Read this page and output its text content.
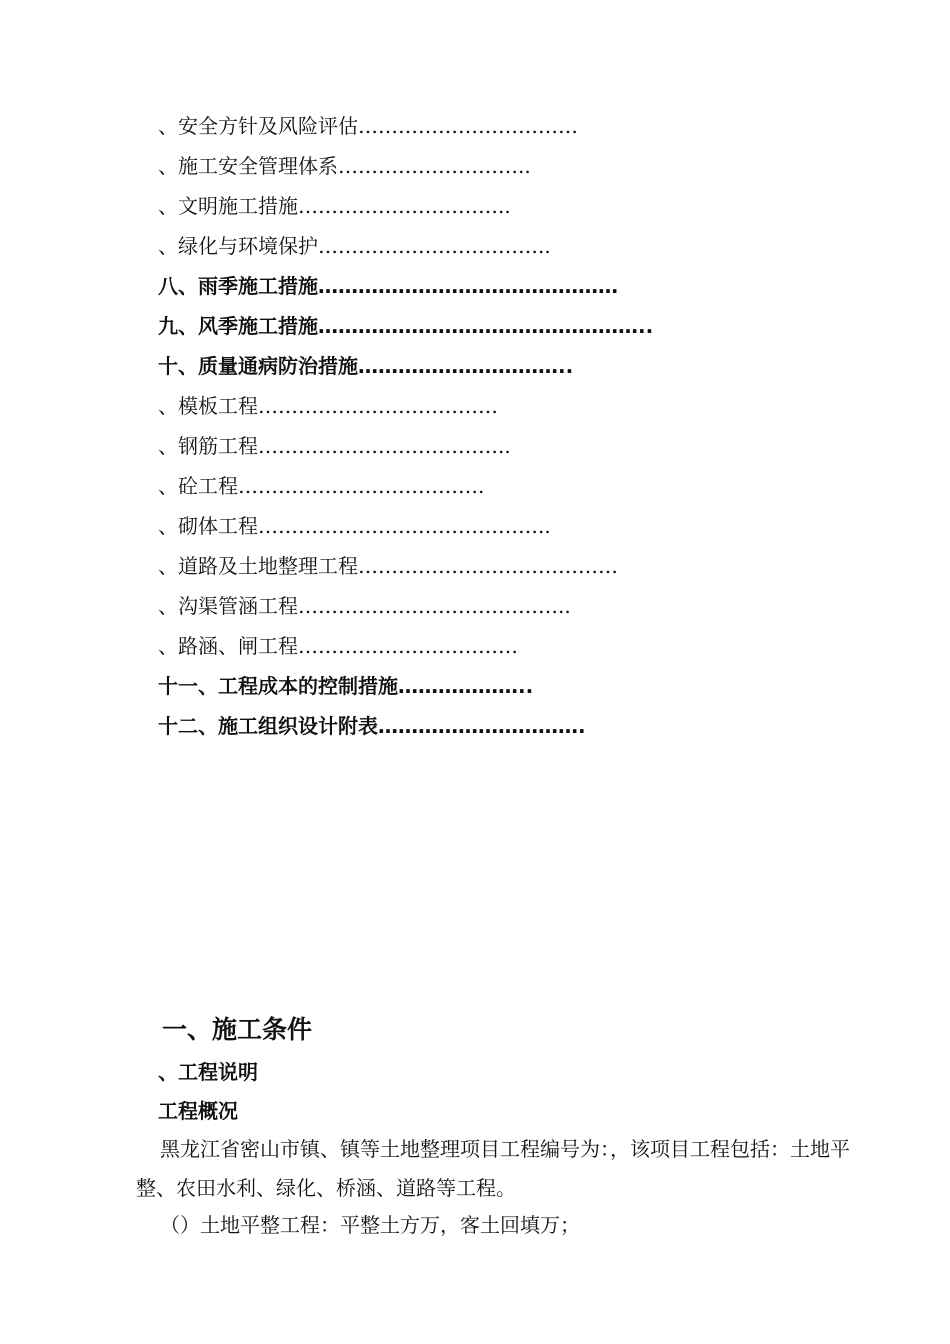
、安全方针及风险评估……………………………
、施工安全管理体系………………………..
、文明施工措施…………………………..
、绿化与环境保护……………………………..
八、雨季施工措施………………………………………
九、风季施工措施…………………………………………..
十、质量通病防治措施…………………………..
、模板工程………………………………
、钢筋工程………………………………..
、砼工程……………………………….
、砌体工程……………………………………..
、道路及土地整理工程…………………………………
、沟渠管涵工程…………………………………..
、路涵、闸工程……………………………
十一、工程成本的控制措施………………..
十二、施工组织设计附表………………………….
一、施工条件
、工程说明
工程概况
黑龙江省密山市镇、镇等土地整理项目工程编号为：，该项目工程包括：土地平整、农田水利、绿化、桥涵、道路等工程。
（）土地平整工程：平整土方万，客土回填万；
